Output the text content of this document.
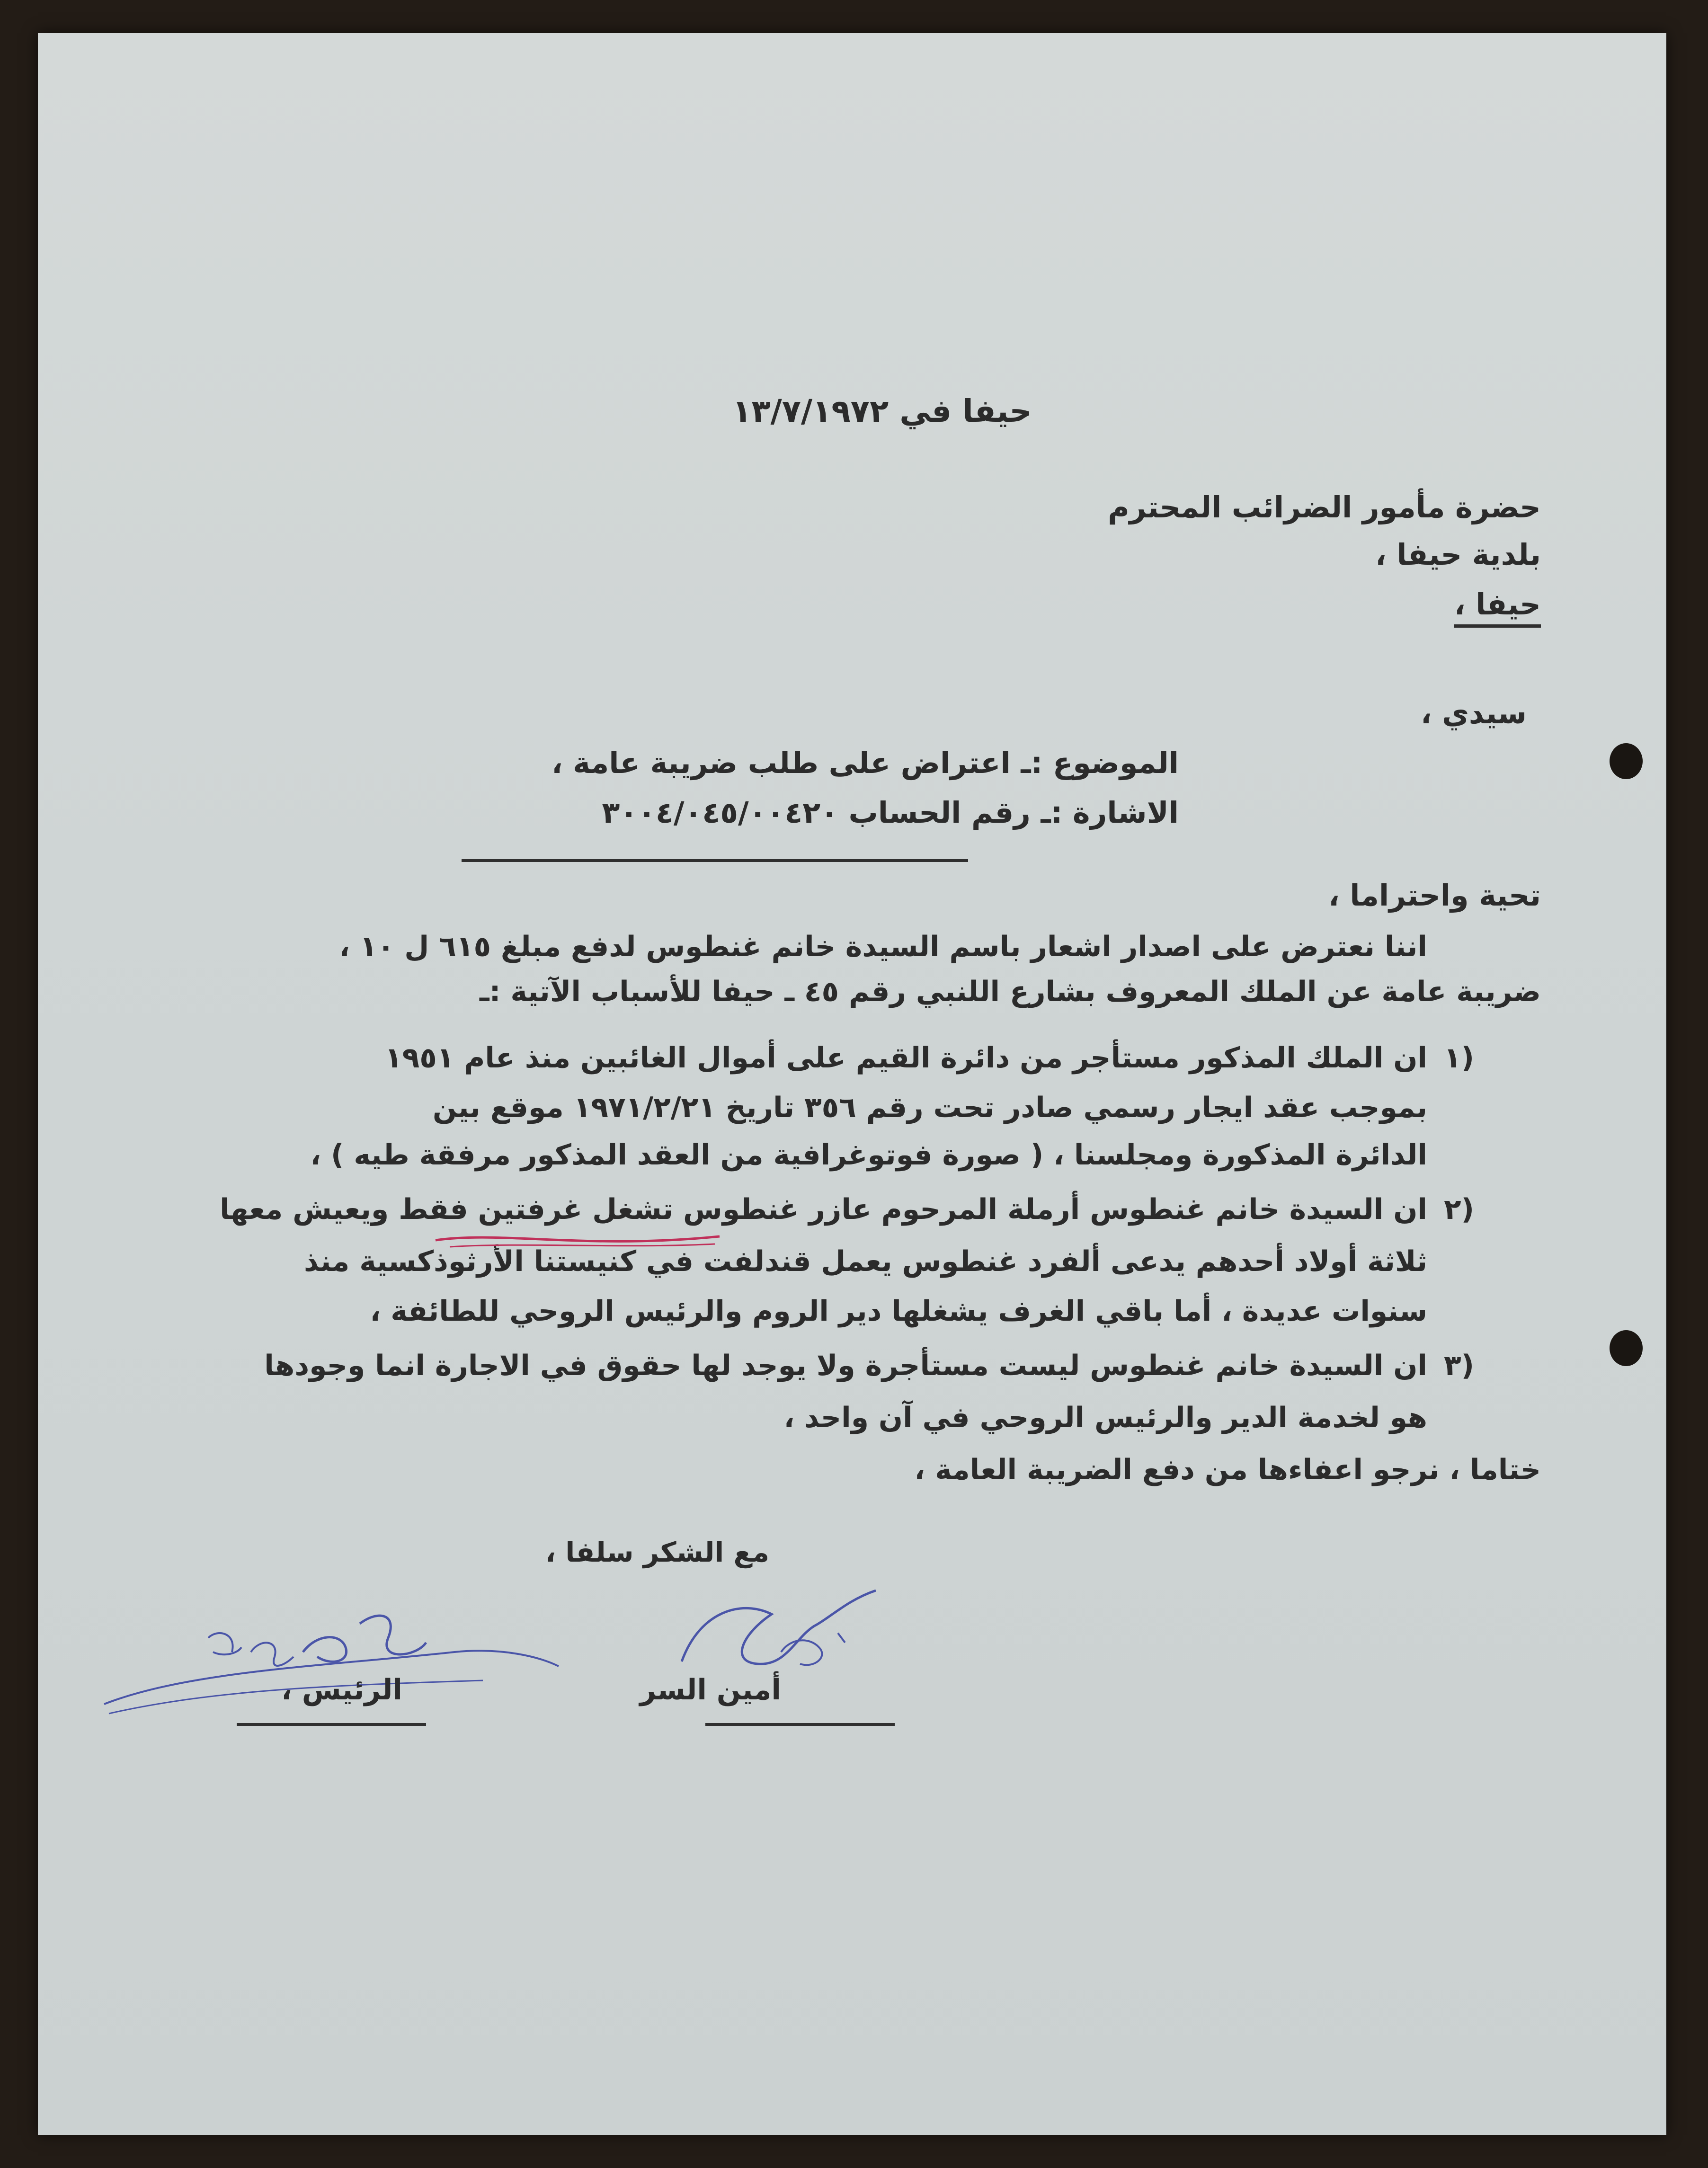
حيفا في ١٣/٧/١٩٧٢
حضرة مأمور الضرائب المحترم
بلدية حيفا ،
حيفا ،
سيدي ،
الموضوع :ـ اعتراض على طلب ضريبة عامة ،
الاشارة :ـ رقم الحساب ٣٠٠٤/٠٤٥/٠٠٤٢٠
تحية واحتراما ،
اننا نعترض على اصدار اشعار باسم السيدة خانم غنطوس لدفع مبلغ ٦١٥ ل ١٠ ،
ضريبة عامة عن الملك المعروف بشارع اللنبي رقم ٤٥ ـ حيفا للأسباب الآتية :ـ
١)
ان الملك المذكور مستأجر من دائرة القيم على أموال الغائبين منذ عام ١٩٥١
بموجب عقد ايجار رسمي صادر تحت رقم ٣٥٦ تاريخ ١٩٧١/٢/٢١ موقع بين
الدائرة المذكورة ومجلسنا ، ( صورة فوتوغرافية من العقد المذكور مرفقة طيه ) ،
٢)
ان السيدة خانم غنطوس أرملة المرحوم عازر غنطوس تشغل غرفتين فقط ويعيش معها
ثلاثة أولاد أحدهم يدعى ألفرد غنطوس يعمل قندلفت في كنيستنا الأرثوذكسية منذ
سنوات عديدة ، أما باقي الغرف يشغلها دير الروم والرئيس الروحي للطائفة ،
٣)
ان السيدة خانم غنطوس ليست مستأجرة ولا يوجد لها حقوق في الاجارة انما وجودها
هو لخدمة الدير والرئيس الروحي في آن واحد ،
ختاما ، نرجو اعفاءها من دفع الضريبة العامة ،
مع الشكر سلفا ،
أمين السر
الرئيس ،
